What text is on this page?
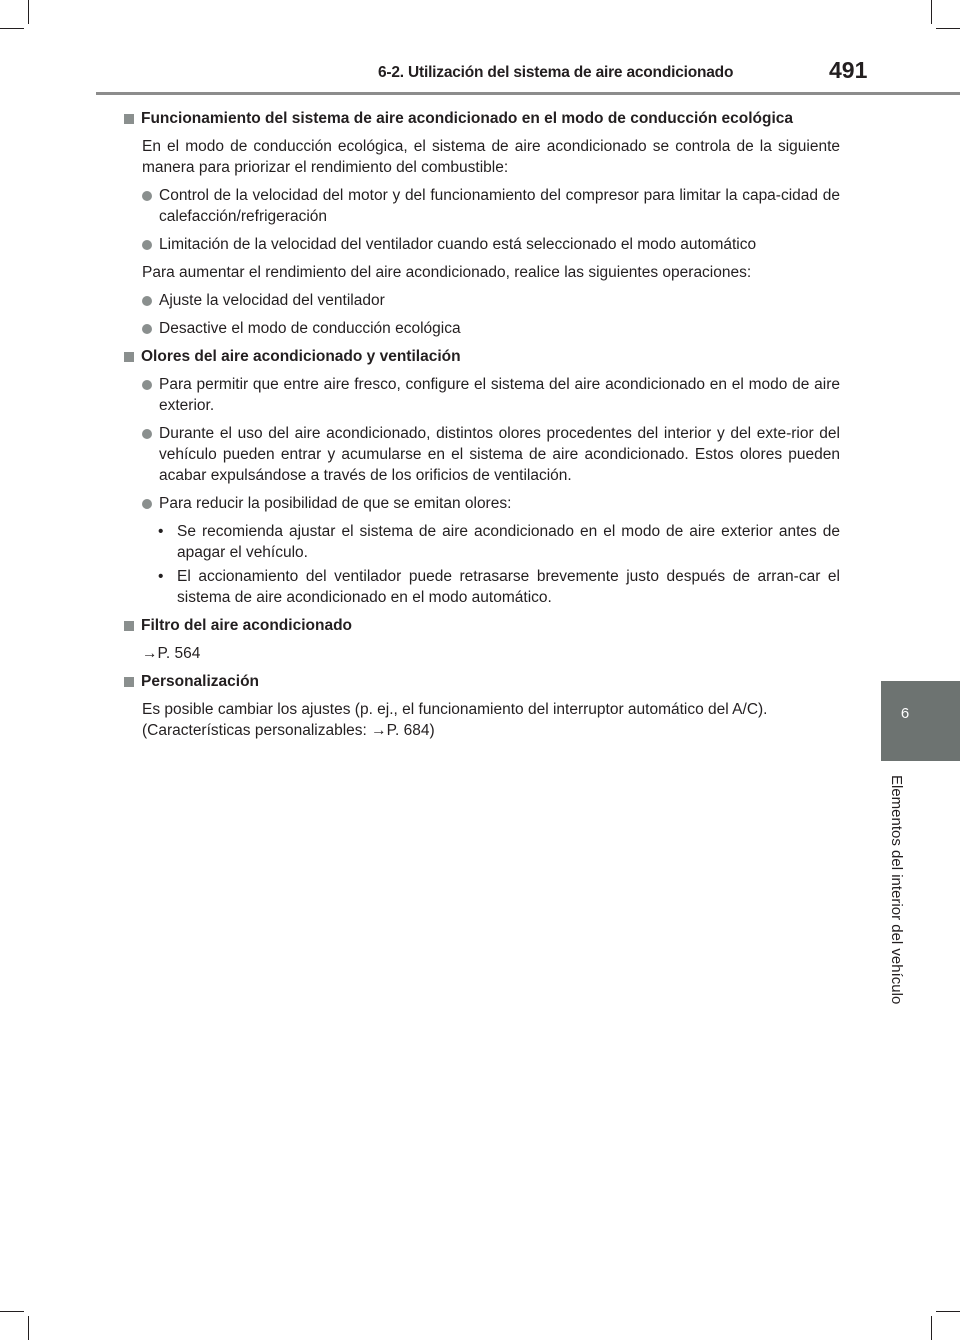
6-2. Utilización del sistema de aire acondicionado	491
6
Elementos del interior del vehículo

Funcionamiento del sistema de aire acondicionado en el modo de conducción ecológica

En el modo de conducción ecológica, el sistema de aire acondicionado se controla de la siguiente manera para priorizar el rendimiento del combustible:

Control de la velocidad del motor y del funcionamiento del compresor para limitar la capa-cidad de calefacción/refrigeración

Limitación de la velocidad del ventilador cuando está seleccionado el modo automático

Para aumentar el rendimiento del aire acondicionado, realice las siguientes operaciones:

Ajuste la velocidad del ventilador

Desactive el modo de conducción ecológica

Olores del aire acondicionado y ventilación

Para permitir que entre aire fresco, configure el sistema del aire acondicionado en el modo de aire exterior.

Durante el uso del aire acondicionado, distintos olores procedentes del interior y del exte-rior del vehículo pueden entrar y acumularse en el sistema de aire acondicionado. Estos olores pueden acabar expulsándose a través de los orificios de ventilación.

Para reducir la posibilidad de que se emitan olores:

• Se recomienda ajustar el sistema de aire acondicionado en el modo de aire exterior antes de apagar el vehículo.

• El accionamiento del ventilador puede retrasarse brevemente justo después de arran-car el sistema de aire acondicionado en el modo automático.

Filtro del aire acondicionado

→P. 564

Personalización

Es posible cambiar los ajustes (p. ej., el funcionamiento del interruptor automático del A/C).

(Características personalizables: →P. 684)
